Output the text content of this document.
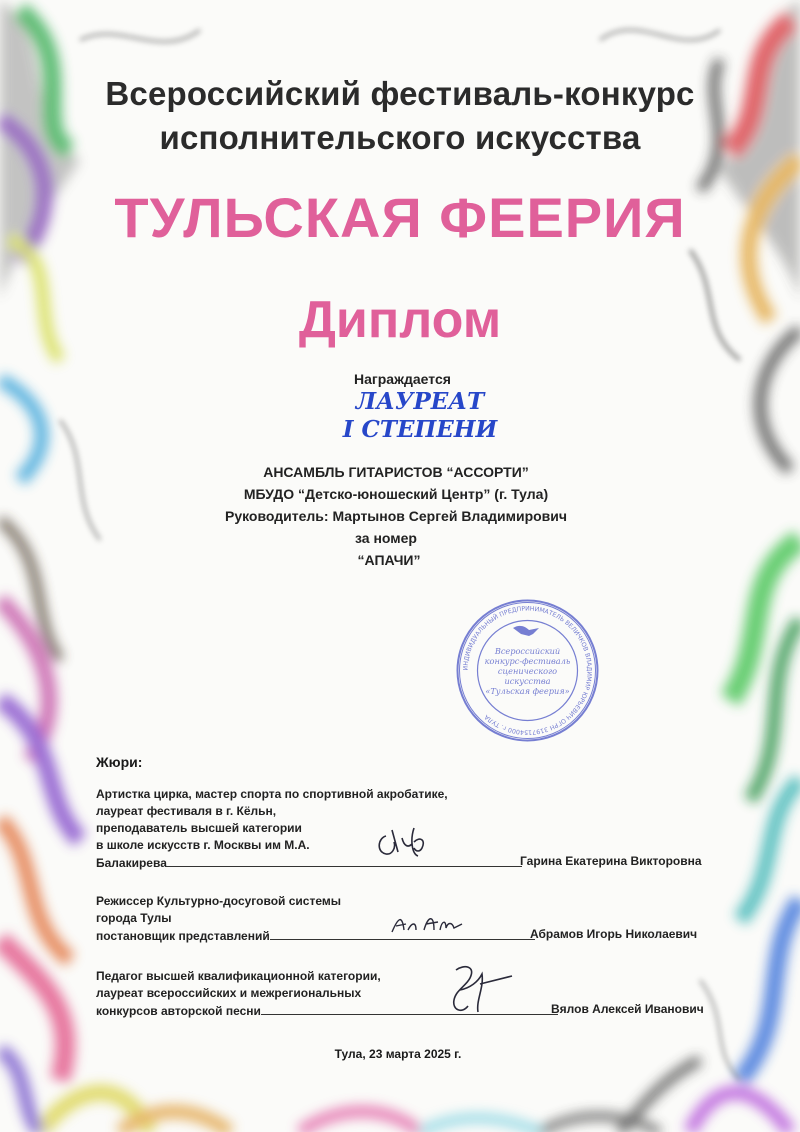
Всероссийский фестиваль-конкурс
исполнительского искусства
ТУЛЬСКАЯ ФЕЕРИЯ
Диплом
Награждается
ЛАУРЕАТ
I СТЕПЕНИ
АНСАМБЛЬ ГИТАРИСТОВ “АССОРТИ”
МБУДО “Детско-юношеский Центр” (г. Тула)
Руководитель: Мартынов Сергей Владимирович
за номер
“АПАЧИ”
ИНДИВИДУАЛЬНЫЙ ПРЕДПРИНИМАТЕЛЬ ВЕЛИЧКОВ ВЛАДИМИР ЮРЬЕВИЧ ОГРН 3197154000 г. ТУЛА
Всероссийский
конкурс-фестиваль
сценического
искусства
«Тульская феерия»
Жюри:
Артистка цирка, мастер спорта по спортивной акробатике,
лауреат фестиваля в г. Кёльн,
преподаватель высшей категории
в школе искусств г. Москвы им М.А.
Балакирева	Гарина Екатерина Викторовна
Режиссер Культурно-досуговой системы
города Тулы
постановщик представлений	Абрамов Игорь Николаевич
Педагог высшей квалификационной категории,
лауреат всероссийских и межрегиональных
конкурсов авторской песни	Вялов Алексей Иванович
Тула, 23 марта 2025 г.
